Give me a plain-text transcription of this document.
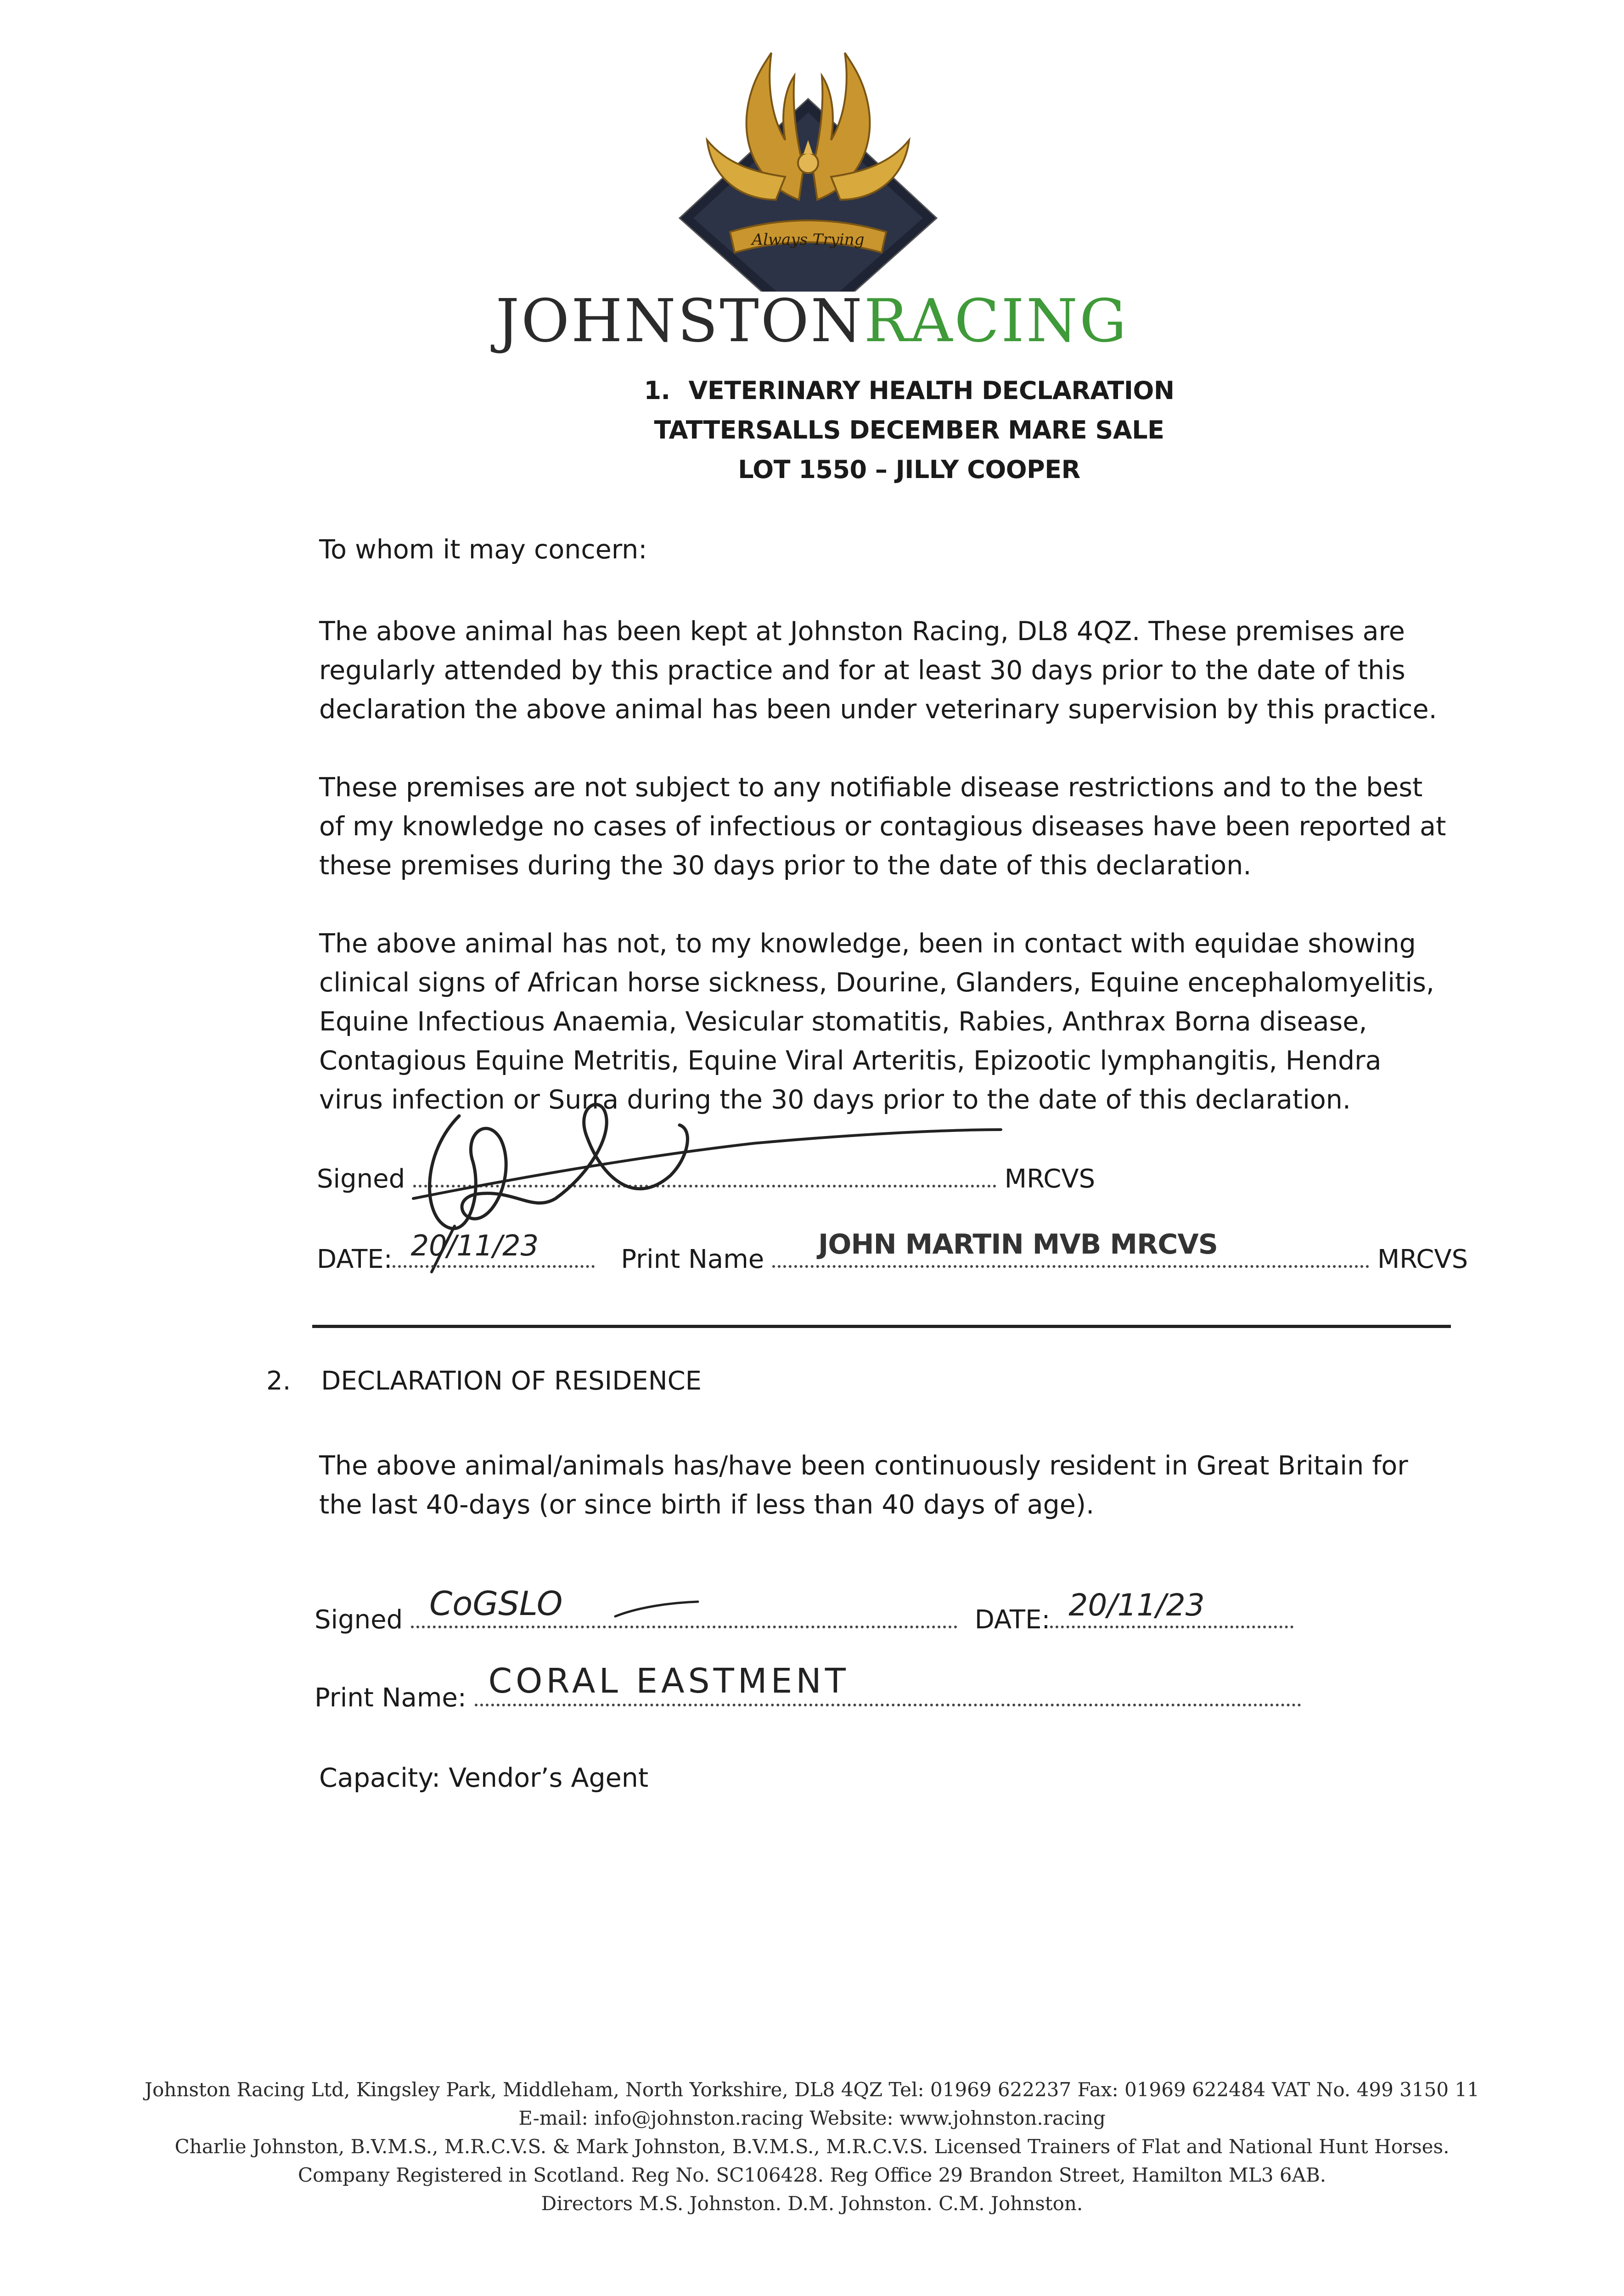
Always Trying
JOHNSTONRACING
1. VETERINARY HEALTH DECLARATION
TATTERSALLS DECEMBER MARE SALE
LOT 1550 – JILLY COOPER
To whom it may concern:

The above animal has been kept at Johnston Racing, DL8 4QZ. These premises are regularly attended by this practice and for at least 30 days prior to the date of this declaration the above animal has been under veterinary supervision by this practice.

These premises are not subject to any notifiable disease restrictions and to the best of my knowledge no cases of infectious or contagious diseases have been reported at these premises during the 30 days prior to the date of this declaration.

The above animal has not, to my knowledge, been in contact with equidae showing clinical signs of African horse sickness, Dourine, Glanders, Equine encephalomyelitis, Equine Infectious Anaemia, Vesicular stomatitis, Rabies, Anthrax Borna disease, Contagious Equine Metritis, Equine Viral Arteritis, Epizootic lymphangitis, Hendra virus infection or Surra during the 30 days prior to the date of this declaration.

Signed	MRCVS
DATE: 20/11/23	Print Name JOHN MARTIN MVB MRCVS	MRCVS
2. DECLARATION OF RESIDENCE

The above animal/animals has/have been continuously resident in Great Britain for the last 40-days (or since birth if less than 40 days of age).

Signed CoGSLO	DATE: 20/11/23
Print Name: CORAL EASTMENT
Capacity: Vendor’s Agent
Johnston Racing Ltd, Kingsley Park, Middleham, North Yorkshire, DL8 4QZ Tel: 01969 622237 Fax: 01969 622484 VAT No. 499 3150 11
E-mail: info@johnston.racing Website: www.johnston.racing
Charlie Johnston, B.V.M.S., M.R.C.V.S. & Mark Johnston, B.V.M.S., M.R.C.V.S. Licensed Trainers of Flat and National Hunt Horses.
Company Registered in Scotland. Reg No. SC106428. Reg Office 29 Brandon Street, Hamilton ML3 6AB.
Directors M.S. Johnston. D.M. Johnston. C.M. Johnston.
